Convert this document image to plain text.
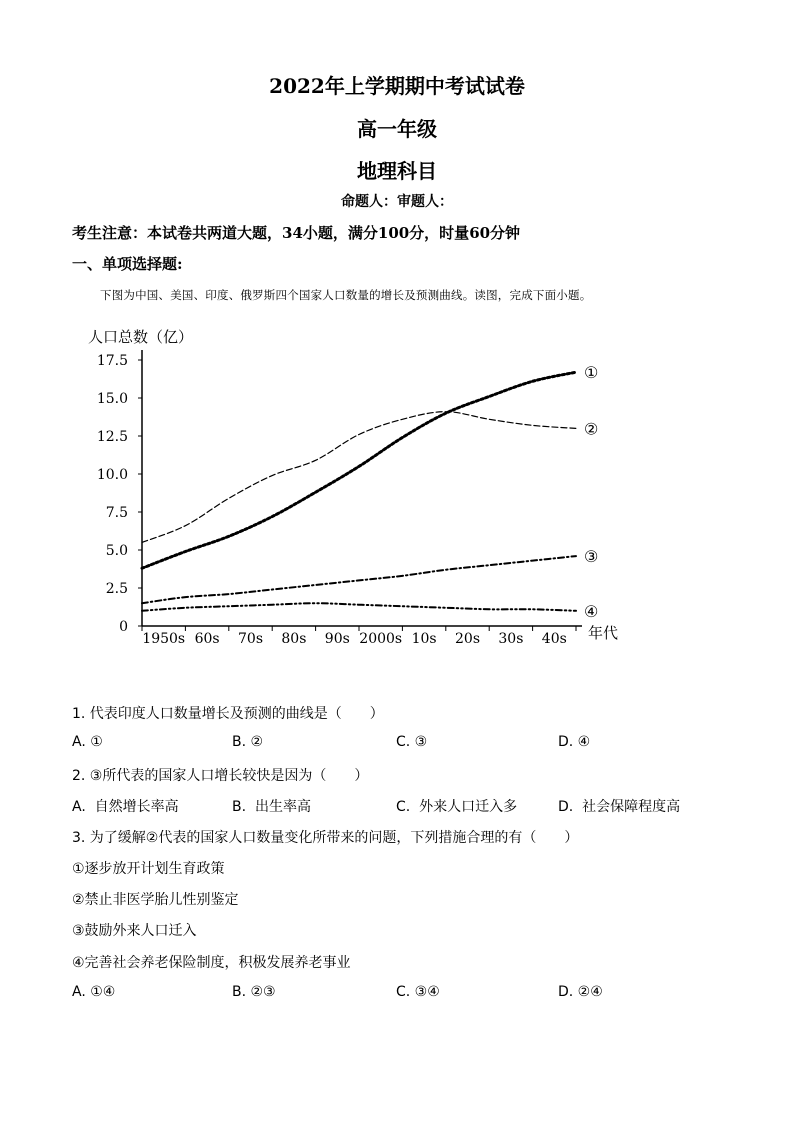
2022年上学期期中考试试卷
高一年级
地理科目
命题人：审题人：
考生注意：本试卷共两道大题，34小题，满分100分，时量60分钟
一、单项选择题:
下图为中国、美国、印度、俄罗斯四个国家人口数量的增长及预测曲线。读图，完成下面小题。
人口总数（亿）
0
2.5
5.0
7.5
10.0
12.5
15.0
17.5
1950s 60s 70s 80s 90s 2000s 10s 20s 30s 40s 年代
①
②
③
④
1. 代表印度人口数量增长及预测的曲线是（　　）
A. ①	B. ②	C. ③	D. ④
2. ③所代表的国家人口增长较快是因为（　　）
A.  自然增长率高	B.  出生率高	C.  外来人口迁入多	D.  社会保障程度高
3. 为了缓解②代表的国家人口数量变化所带来的问题，下列措施合理的有（　　）
①逐步放开计划生育政策
②禁止非医学胎儿性别鉴定
③鼓励外来人口迁入
④完善社会养老保险制度，积极发展养老事业
A. ①④	B. ②③	C. ③④	D. ②④
